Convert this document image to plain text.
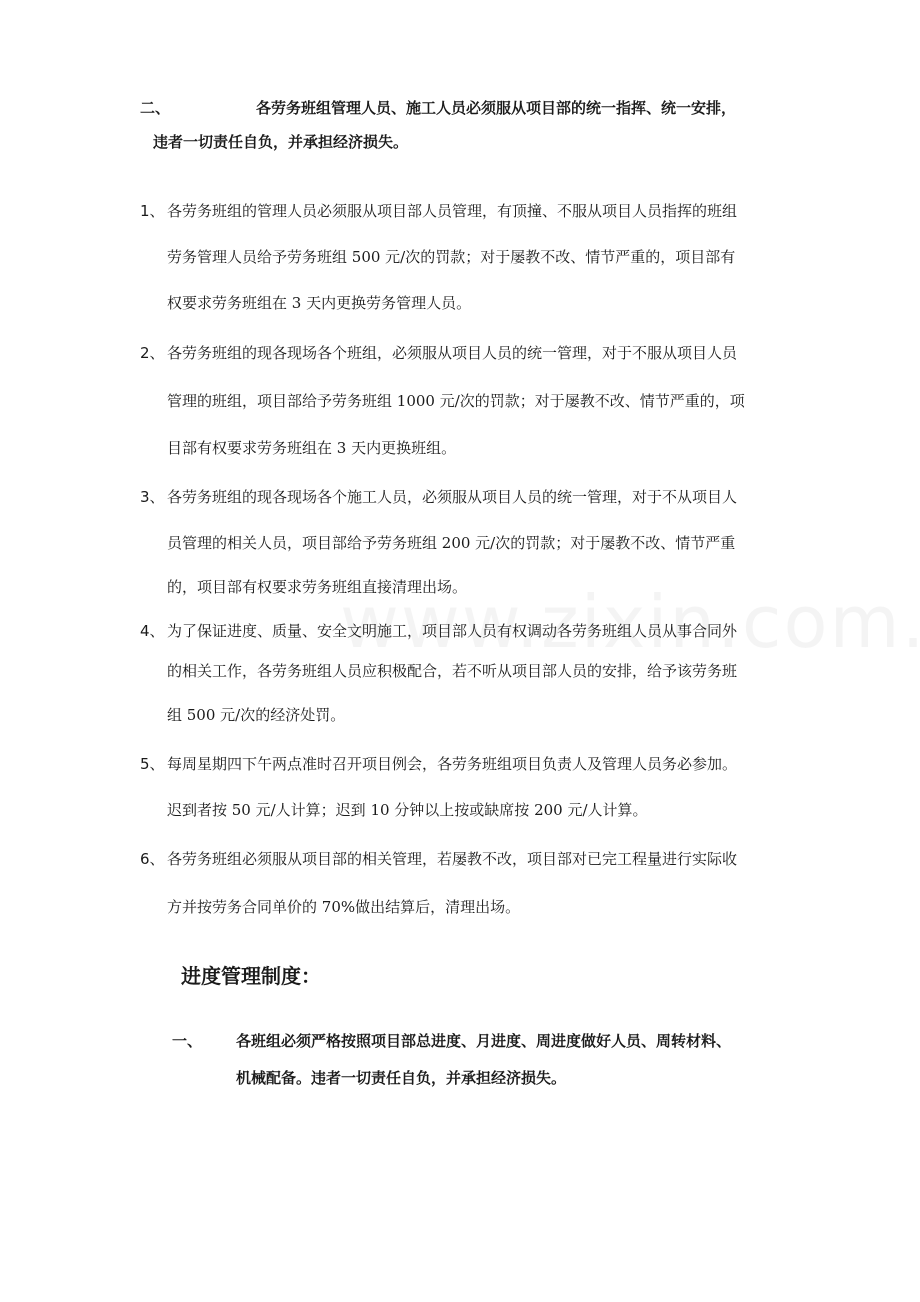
二、	各劳务班组管理人员、施工人员必须服从项目部的统一指挥、统一安排，
违者一切责任自负，并承担经济损失。
1、 各劳务班组的管理人员必须服从项目部人员管理，有顶撞、不服从项目人员指挥的班组
劳务管理人员给予劳务班组 500 元/次的罚款；对于屡教不改、情节严重的，项目部有
权要求劳务班组在 3 天内更换劳务管理人员。
2、 各劳务班组的现各现场各个班组，必须服从项目人员的统一管理，对于不服从项目人员
管理的班组，项目部给予劳务班组 1000 元/次的罚款；对于屡教不改、情节严重的，项
目部有权要求劳务班组在 3 天内更换班组。
3、 各劳务班组的现各现场各个施工人员，必须服从项目人员的统一管理，对于不从项目人
员管理的相关人员，项目部给予劳务班组 200 元/次的罚款；对于屡教不改、情节严重
的，项目部有权要求劳务班组直接清理出场。
4、 为了保证进度、质量、安全文明施工，项目部人员有权调动各劳务班组人员从事合同外
的相关工作，各劳务班组人员应积极配合，若不听从项目部人员的安排，给予该劳务班
组 500 元/次的经济处罚。
5、 每周星期四下午两点准时召开项目例会，各劳务班组项目负责人及管理人员务必参加。
迟到者按 50 元/人计算；迟到 10 分钟以上按或缺席按 200 元/人计算。
6、 各劳务班组必须服从项目部的相关管理，若屡教不改，项目部对已完工程量进行实际收
方并按劳务合同单价的 70%做出结算后，清理出场。
进度管理制度：
一、 各班组必须严格按照项目部总进度、月进度、周进度做好人员、周转材料、
机械配备。违者一切责任自负，并承担经济损失。
